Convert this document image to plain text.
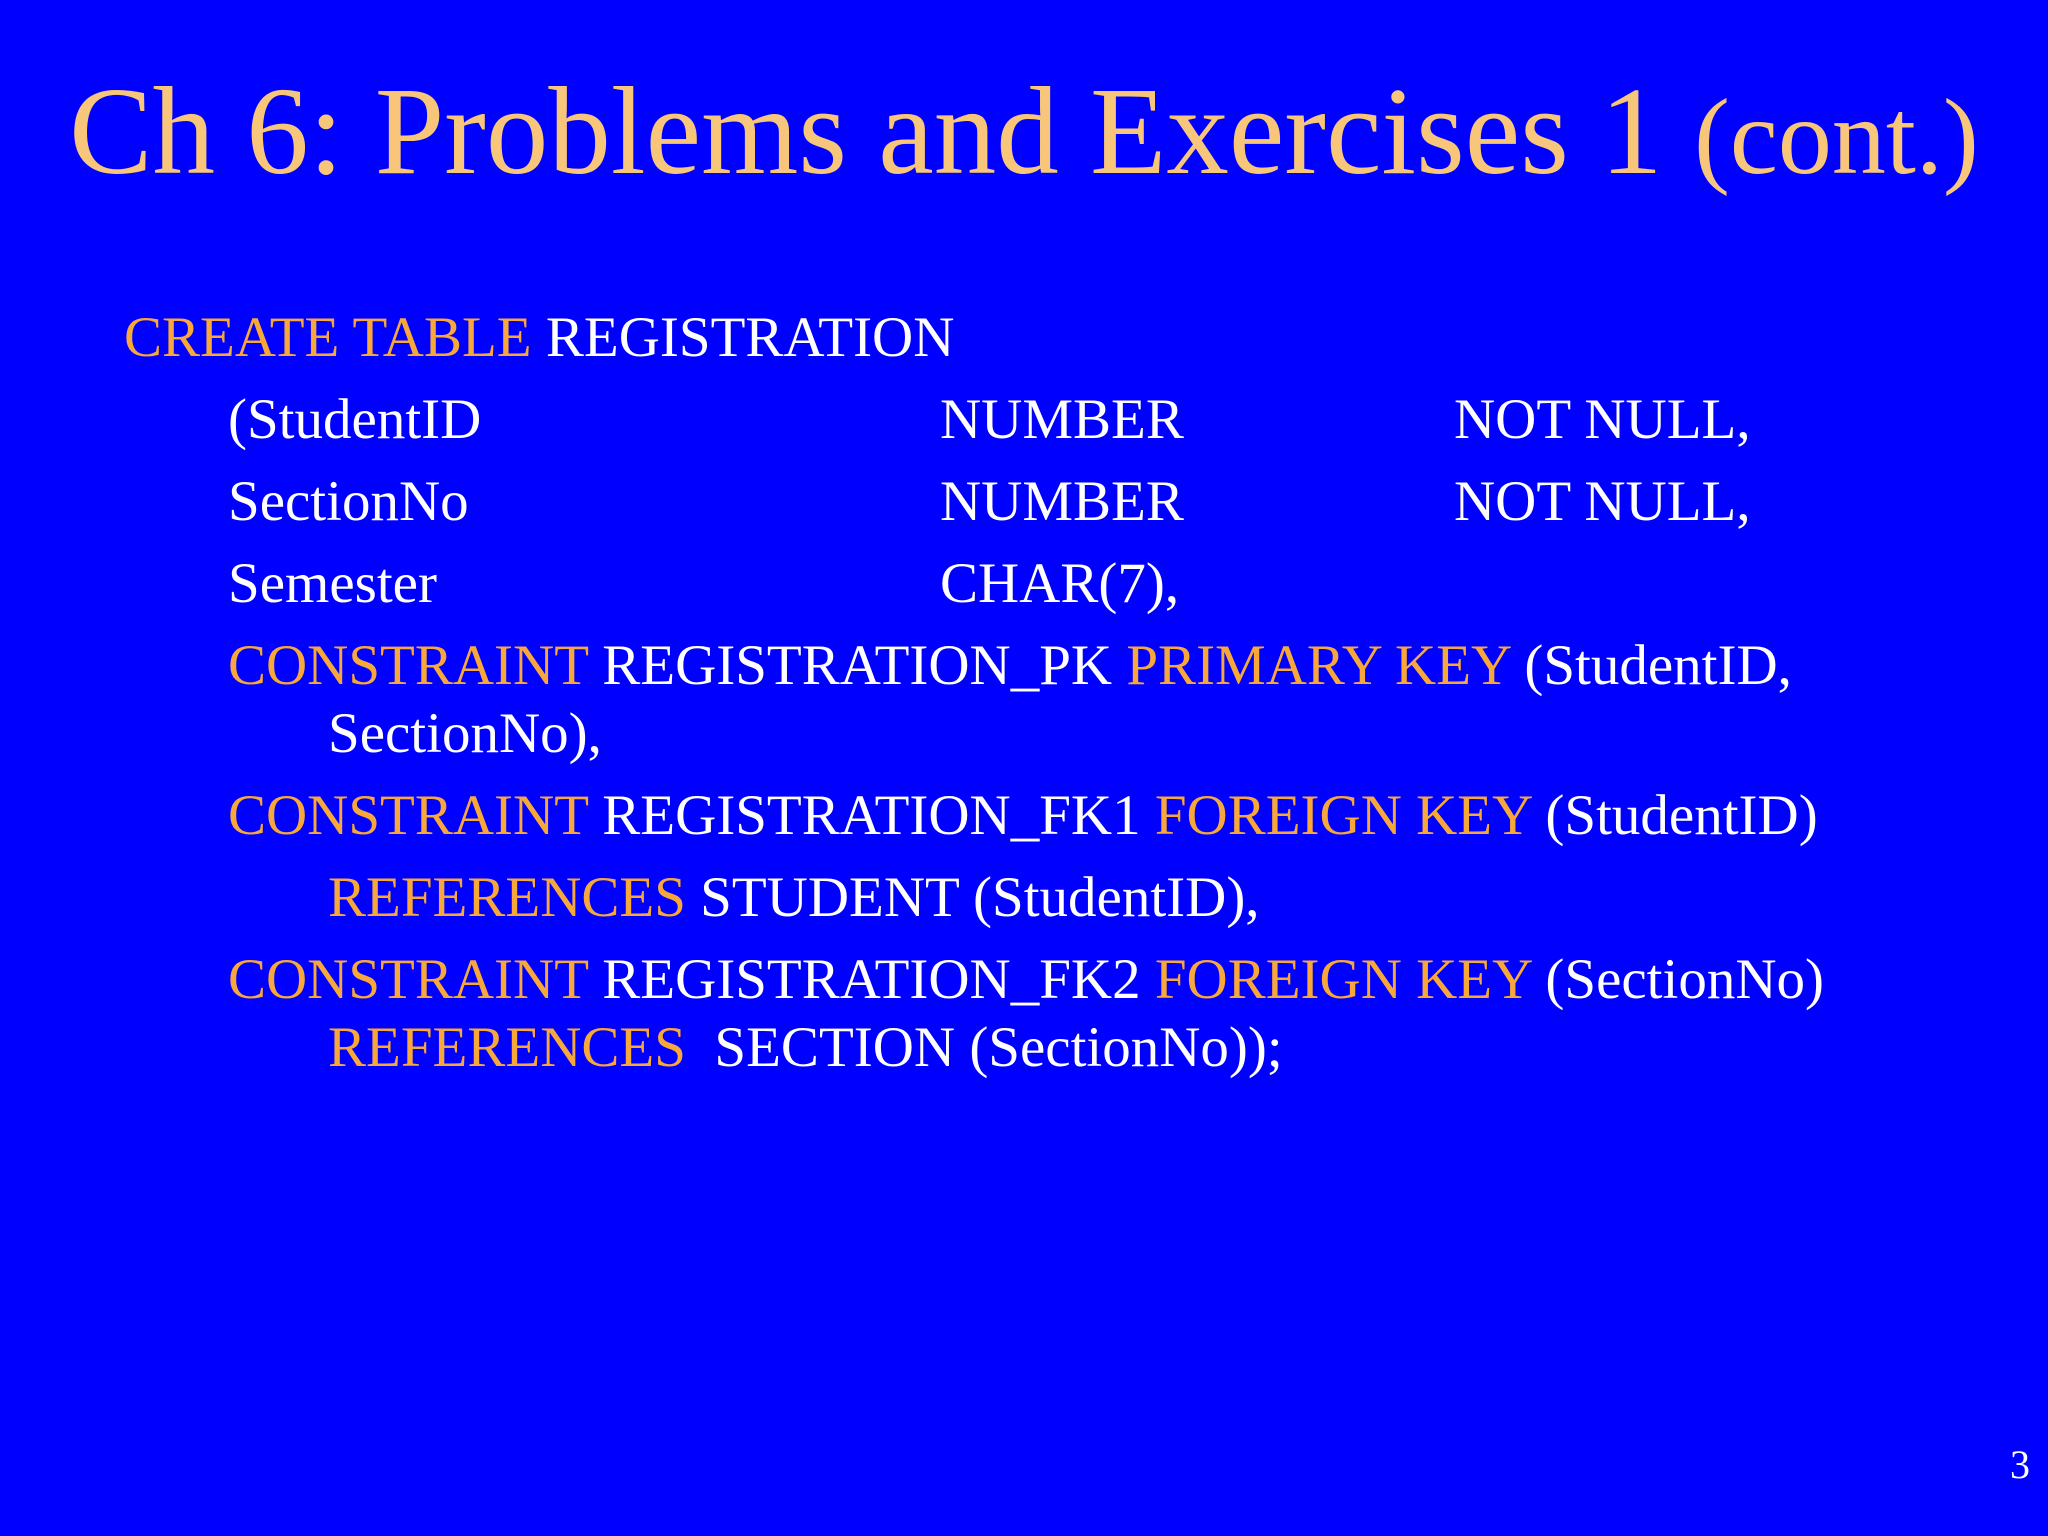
Ch 6: Problems and Exercises 1 (cont.)
CREATE TABLE REGISTRATION
(StudentID	NUMBER	NOT NULL,
SectionNo	NUMBER	NOT NULL,
Semester	CHAR(7),
CONSTRAINT REGISTRATION_PK PRIMARY KEY (StudentID,
SectionNo),
CONSTRAINT REGISTRATION_FK1 FOREIGN KEY (StudentID)
REFERENCES STUDENT (StudentID),
CONSTRAINT REGISTRATION_FK2 FOREIGN KEY (SectionNo)
REFERENCES  SECTION (SectionNo));
3
